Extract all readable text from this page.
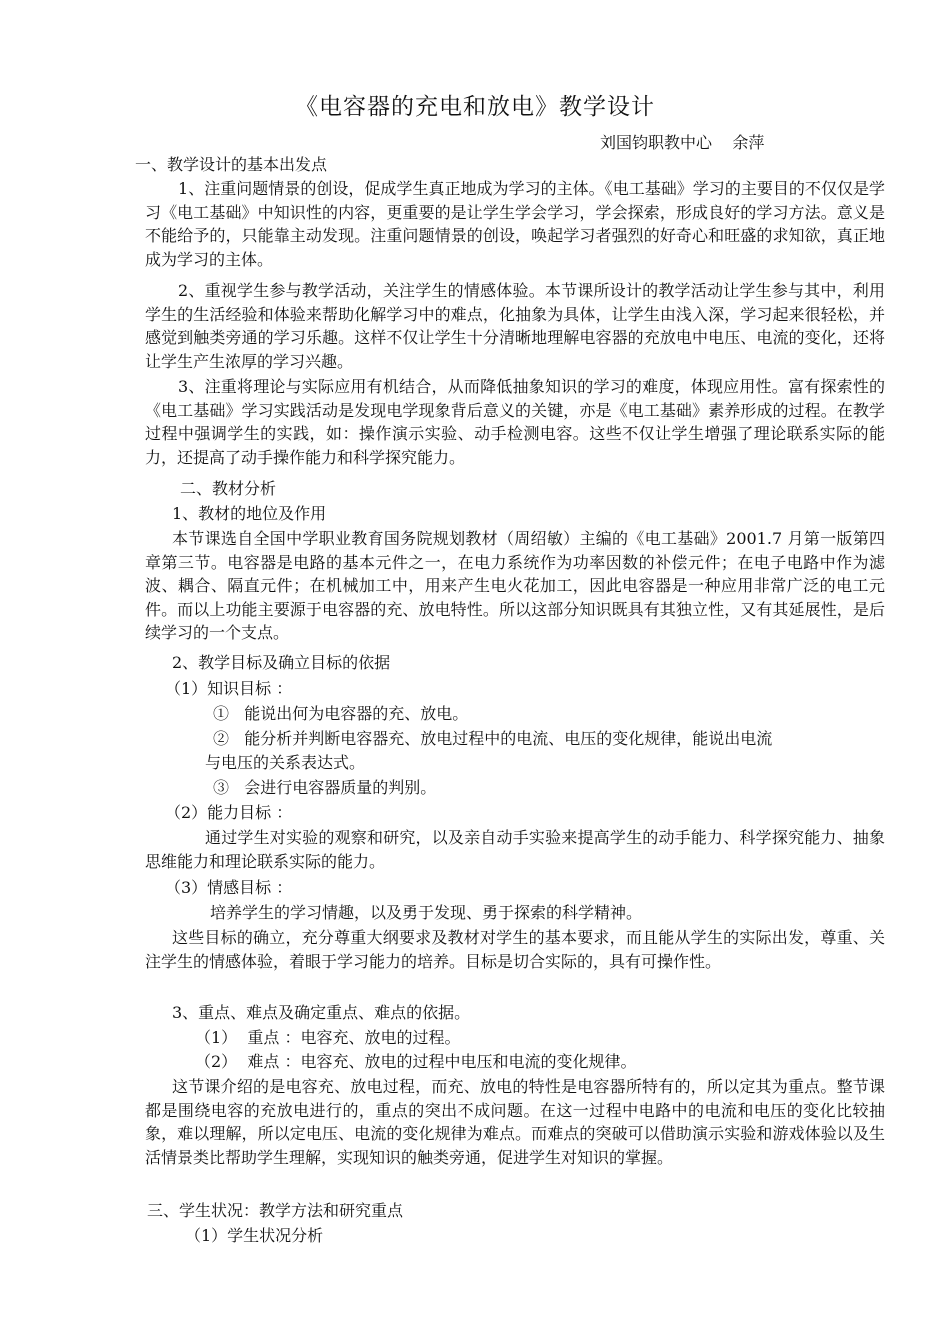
《电容器的充电和放电》教学设计
刘国钧职教中心    余萍
一、教学设计的基本出发点
1、注重问题情景的创设，促成学生真正地成为学习的主体。《电工基础》学习的主要目的不仅仅是学习《电工基础》中知识性的内容，更重要的是让学生学会学习，学会探索，形成良好的学习方法。意义是不能给予的，只能靠主动发现。注重问题情景的创设，唤起学习者强烈的好奇心和旺盛的求知欲，真正地成为学习的主体。
2、重视学生参与教学活动，关注学生的情感体验。本节课所设计的教学活动让学生参与其中，利用学生的生活经验和体验来帮助化解学习中的难点，化抽象为具体，让学生由浅入深，学习起来很轻松，并感觉到触类旁通的学习乐趣。这样不仅让学生十分清晰地理解电容器的充放电中电压、电流的变化，还将让学生产生浓厚的学习兴趣。
3、注重将理论与实际应用有机结合，从而降低抽象知识的学习的难度，体现应用性。富有探索性的《电工基础》学习实践活动是发现电学现象背后意义的关键，亦是《电工基础》素养形成的过程。在教学过程中强调学生的实践，如：操作演示实验、动手检测电容。这些不仅让学生增强了理论联系实际的能力，还提高了动手操作能力和科学探究能力。
二、教材分析
1、教材的地位及作用
本节课选自全国中学职业教育国务院规划教材（周绍敏）主编的《电工基础》2001.7 月第一版第四章第三节。电容器是电路的基本元件之一，在电力系统作为功率因数的补偿元件；在电子电路中作为滤波、耦合、隔直元件；在机械加工中，用来产生电火花加工，因此电容器是一种应用非常广泛的电工元件。而以上功能主要源于电容器的充、放电特性。所以这部分知识既具有其独立性，又有其延展性，是后续学习的一个支点。
2、教学目标及确立目标的依据
（1）知识目标 ：
①   能说出何为电容器的充、放电。
②   能分析并判断电容器充、放电过程中的电流、电压的变化规律，能说出电流
与电压的关系表达式。
③   会进行电容器质量的判别。
（2）能力目标 ：
通过学生对实验的观察和研究，以及亲自动手实验来提高学生的动手能力、科学探究能力、抽象思维能力和理论联系实际的能力。
（3）情感目标 ：
培养学生的学习情趣，以及勇于发现、勇于探索的科学精神。
这些目标的确立，充分尊重大纲要求及教材对学生的基本要求，而且能从学生的实际出发，尊重、关注学生的情感体验，着眼于学习能力的培养。目标是切合实际的，具有可操作性。
3、重点、难点及确定重点、难点的依据。
（1）  重点 ：电容充、放电的过程。
（2）  难点 ：电容充、放电的过程中电压和电流的变化规律。
这节课介绍的是电容充、放电过程，而充、放电的特性是电容器所特有的，所以定其为重点。整节课都是围绕电容的充放电进行的，重点的突出不成问题。在这一过程中电路中的电流和电压的变化比较抽象，难以理解，所以定电压、电流的变化规律为难点。而难点的突破可以借助演示实验和游戏体验以及生活情景类比帮助学生理解，实现知识的触类旁通，促进学生对知识的掌握。
三、学生状况：教学方法和研究重点
（1）学生状况分析
